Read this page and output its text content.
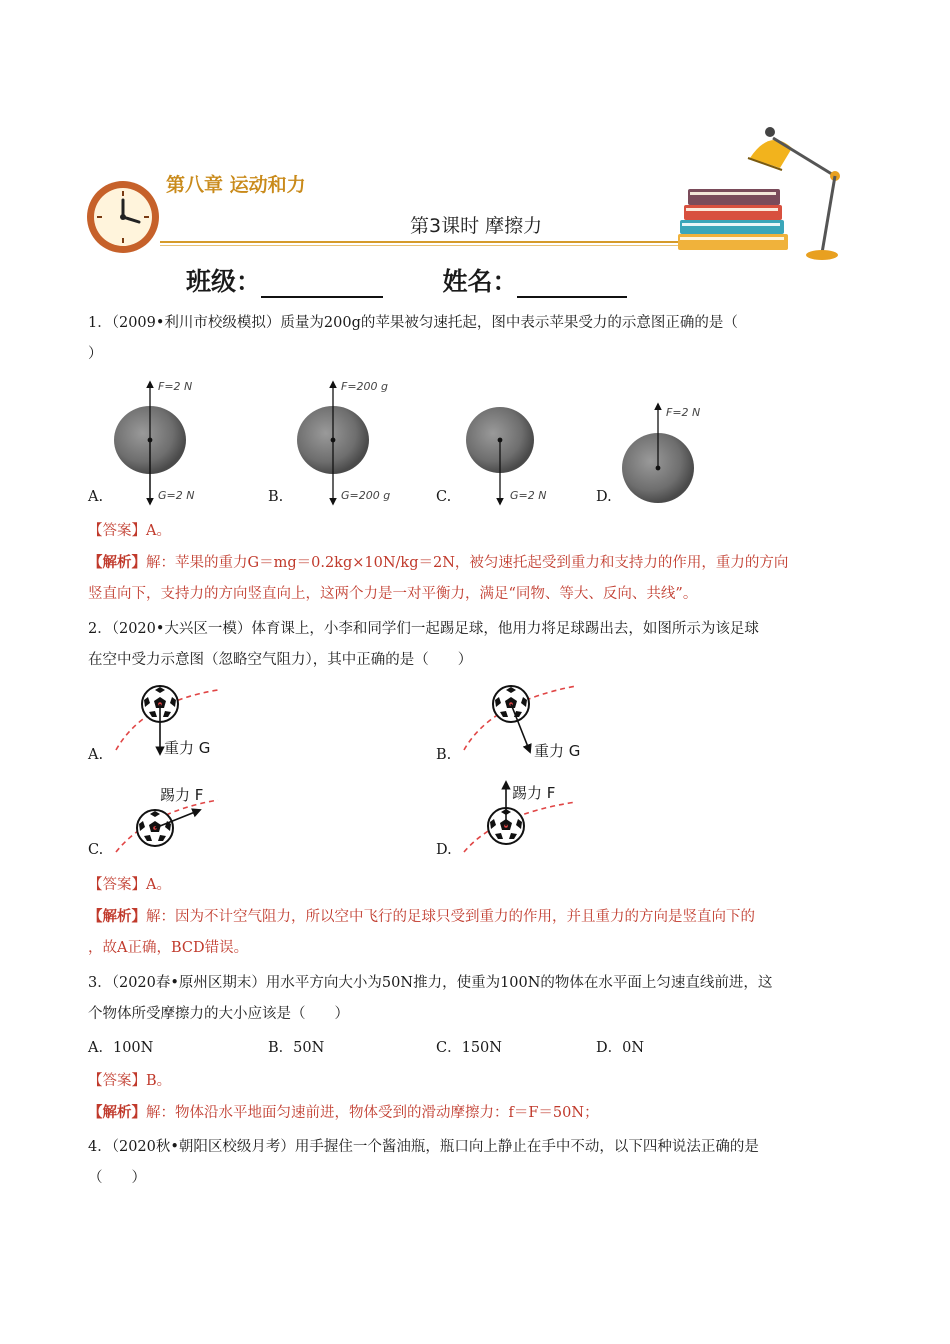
第八章 运动和力
第3课时 摩擦力
班级：	姓名：
1．（2009•利川市校级模拟）质量为200g的苹果被匀速托起，图中表示苹果受力的示意图正确的是（
）
F=2 N
G=2 N
A.
F=200 g
G=200 g
B.	G=2 N
C.
F=2 N
D.
【答案】A。
【解析】解：苹果的重力G＝mg＝0.2kg×10N/kg＝2N，被匀速托起受到重力和支持力的作用，重力的方向
竖直向下，支持力的方向竖直向上，这两个力是一对平衡力，满足“同物、等大、反向、共线”。
2．（2020•大兴区一模）体育课上，小李和同学们一起踢足球，他用力将足球踢出去，如图所示为该足球
在空中受力示意图（忽略空气阻力），其中正确的是（　　）
重力 G
A.	重力 G
B.
踢力 F
C.
踢力 F
D.
【答案】A。
【解析】解：因为不计空气阻力，所以空中飞行的足球只受到重力的作用，并且重力的方向是竖直向下的
，故A正确，BCD错误。
3．（2020春•原州区期末）用水平方向大小为50N推力，使重为100N的物体在水平面上匀速直线前进，这
个物体所受摩擦力的大小应该是（　　）
A．100N	B．50N	C．150N	D．0N
【答案】B。
【解析】解：物体沿水平地面匀速前进，物体受到的滑动摩擦力：f＝F＝50N；
4．（2020秋•朝阳区校级月考）用手握住一个酱油瓶，瓶口向上静止在手中不动，以下四种说法正确的是
（　　）
